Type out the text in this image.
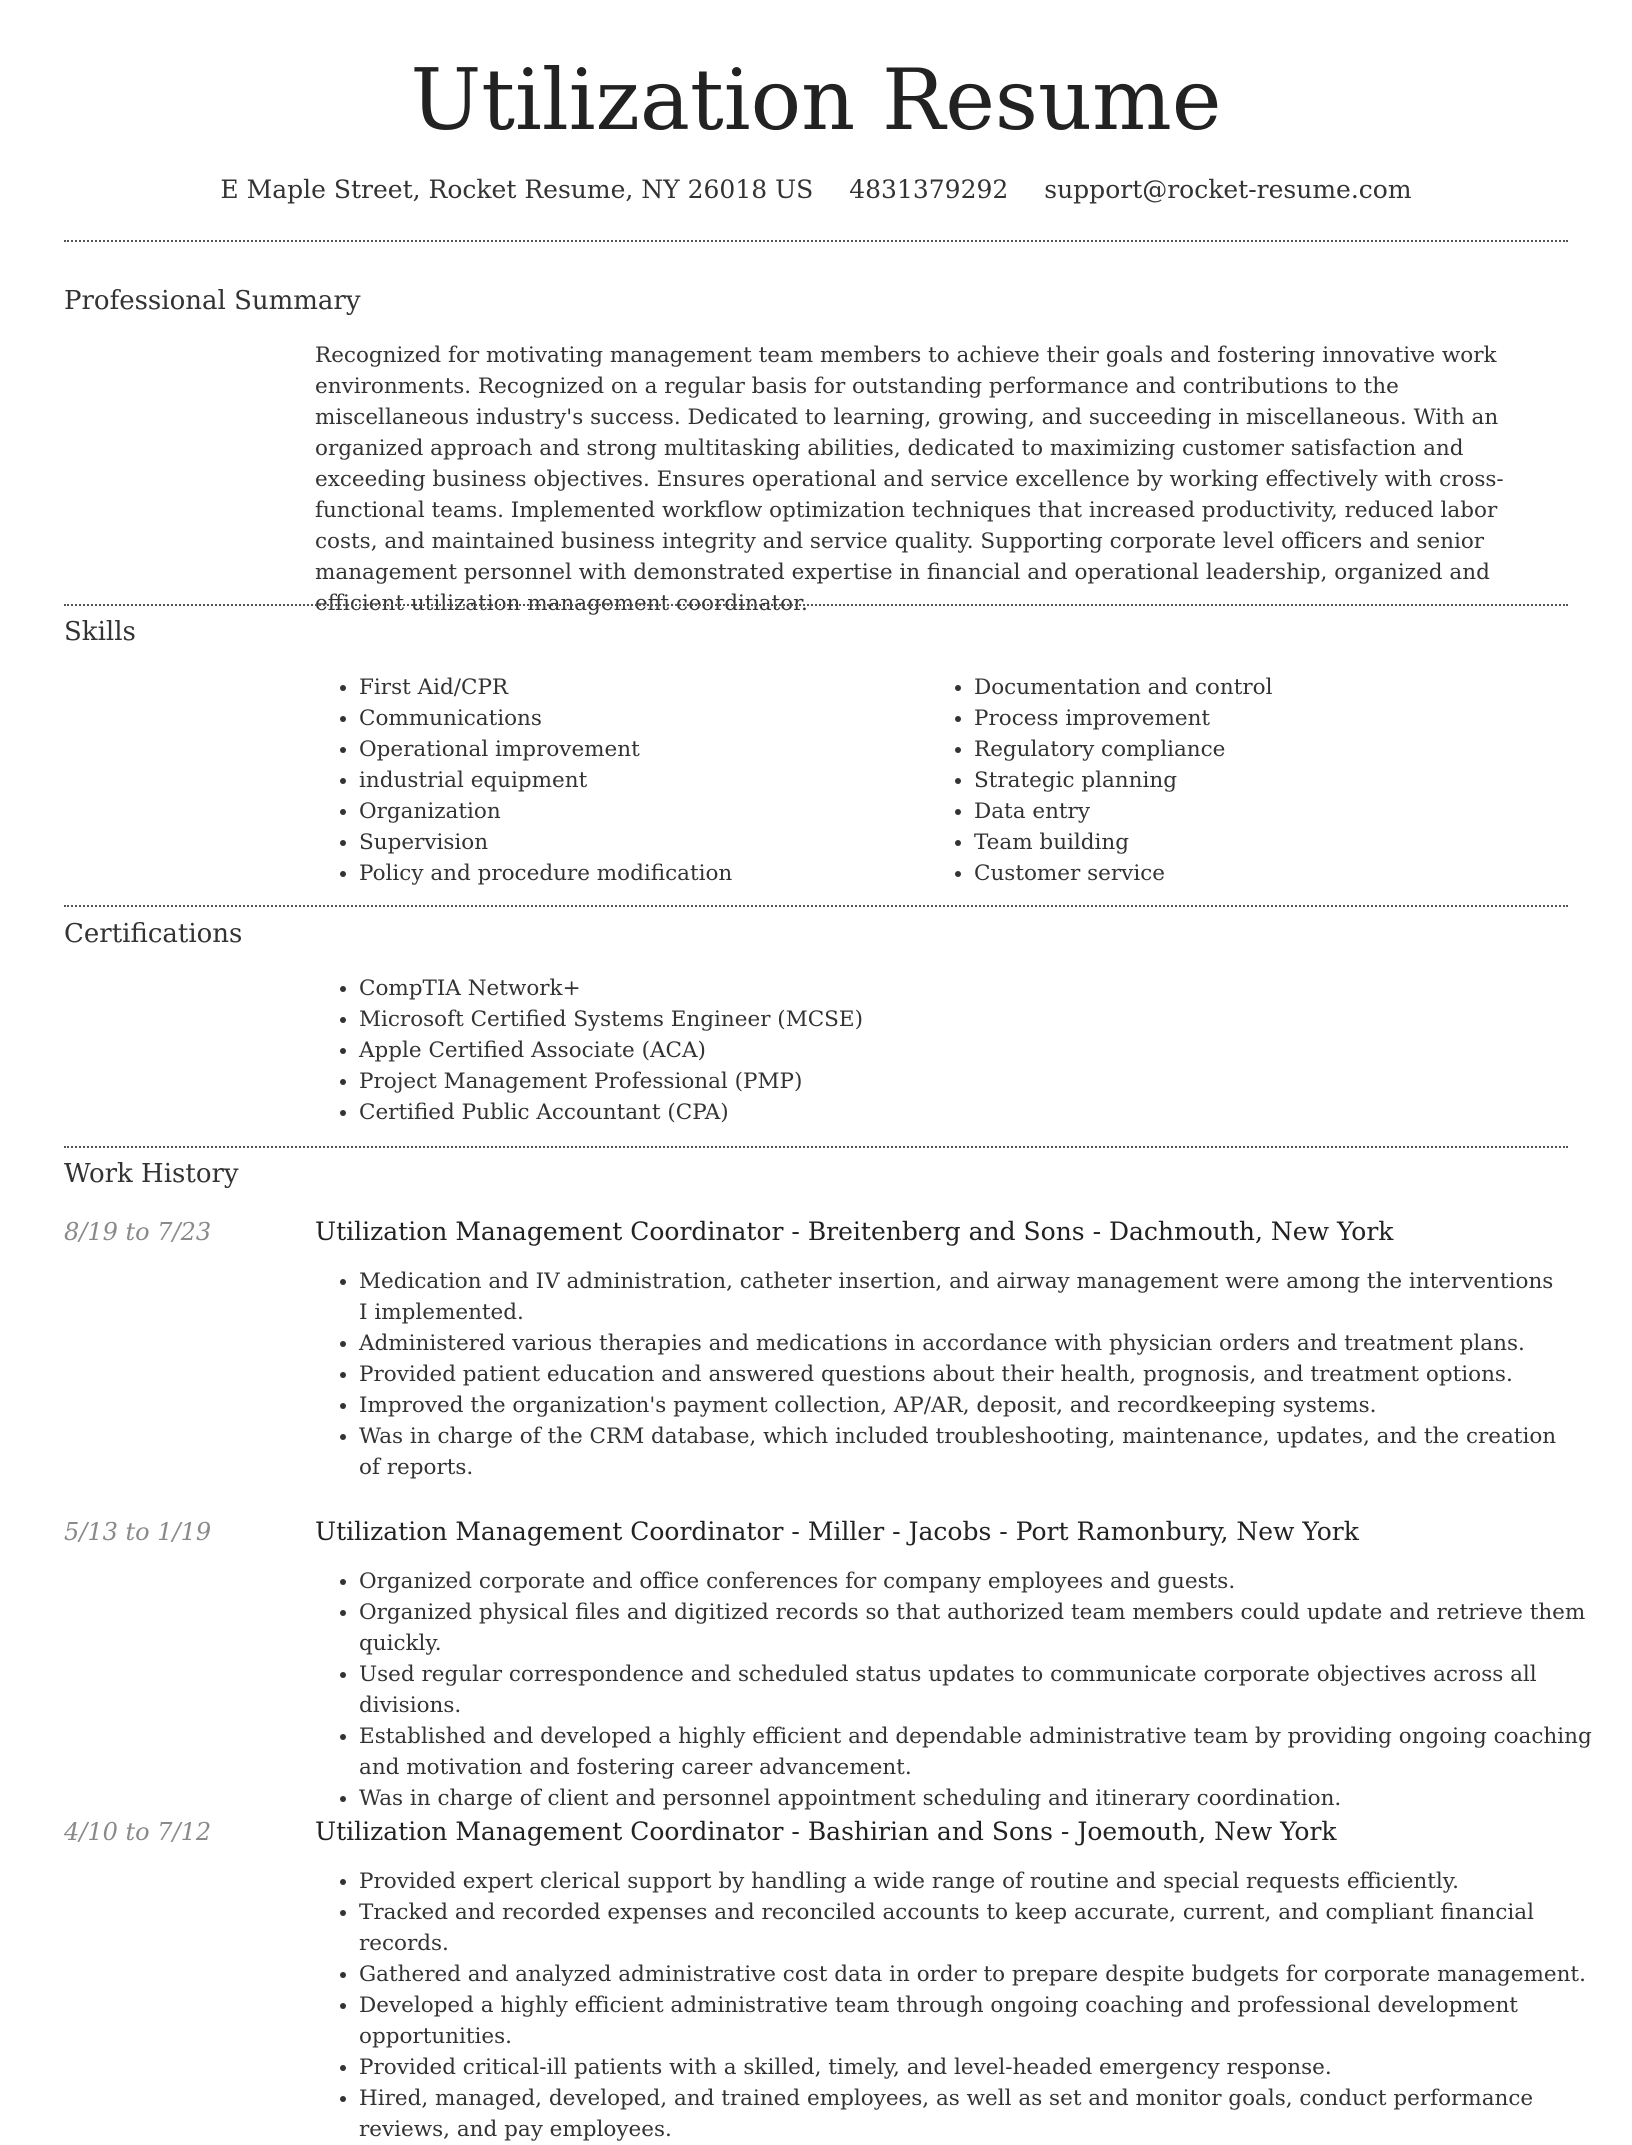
Utilization Resume
E Maple Street, Rocket Resume, NY 26018 US 4831379292 support@rocket-resume.com
Professional Summary
Recognized for motivating management team members to achieve their goals and fostering innovative work environments. Recognized on a regular basis for outstanding performance and contributions to the miscellaneous industry's success. Dedicated to learning, growing, and succeeding in miscellaneous. With an organized approach and strong multitasking abilities, dedicated to maximizing customer satisfaction and exceeding business objectives. Ensures operational and service excellence by working effectively with cross-functional teams. Implemented workflow optimization techniques that increased productivity, reduced labor costs, and maintained business integrity and service quality. Supporting corporate level officers and senior management personnel with demonstrated expertise in financial and operational leadership, organized and efficient utilization management coordinator.
Skills
• First Aid/CPR
• Communications
• Operational improvement
• industrial equipment
• Organization
• Supervision
• Policy and procedure modification
• Documentation and control
• Process improvement
• Regulatory compliance
• Strategic planning
• Data entry
• Team building
• Customer service
Certifications
• CompTIA Network+
• Microsoft Certified Systems Engineer (MCSE)
• Apple Certified Associate (ACA)
• Project Management Professional (PMP)
• Certified Public Accountant (CPA)
Work History
8/19 to 7/23	Utilization Management Coordinator - Breitenberg and Sons - Dachmouth, New York
• Medication and IV administration, catheter insertion, and airway management were among the interventions I implemented.
• Administered various therapies and medications in accordance with physician orders and treatment plans.
• Provided patient education and answered questions about their health, prognosis, and treatment options.
• Improved the organization's payment collection, AP/AR, deposit, and recordkeeping systems.
• Was in charge of the CRM database, which included troubleshooting, maintenance, updates, and the creation of reports.
5/13 to 1/19	Utilization Management Coordinator - Miller - Jacobs - Port Ramonbury, New York
• Organized corporate and office conferences for company employees and guests.
• Organized physical files and digitized records so that authorized team members could update and retrieve them quickly.
• Used regular correspondence and scheduled status updates to communicate corporate objectives across all divisions.
• Established and developed a highly efficient and dependable administrative team by providing ongoing coaching and motivation and fostering career advancement.
• Was in charge of client and personnel appointment scheduling and itinerary coordination.
4/10 to 7/12	Utilization Management Coordinator - Bashirian and Sons - Joemouth, New York
• Provided expert clerical support by handling a wide range of routine and special requests efficiently.
• Tracked and recorded expenses and reconciled accounts to keep accurate, current, and compliant financial records.
• Gathered and analyzed administrative cost data in order to prepare despite budgets for corporate management.
• Developed a highly efficient administrative team through ongoing coaching and professional development opportunities.
• Provided critical-ill patients with a skilled, timely, and level-headed emergency response.
• Hired, managed, developed, and trained employees, as well as set and monitor goals, conduct performance reviews, and pay employees.
